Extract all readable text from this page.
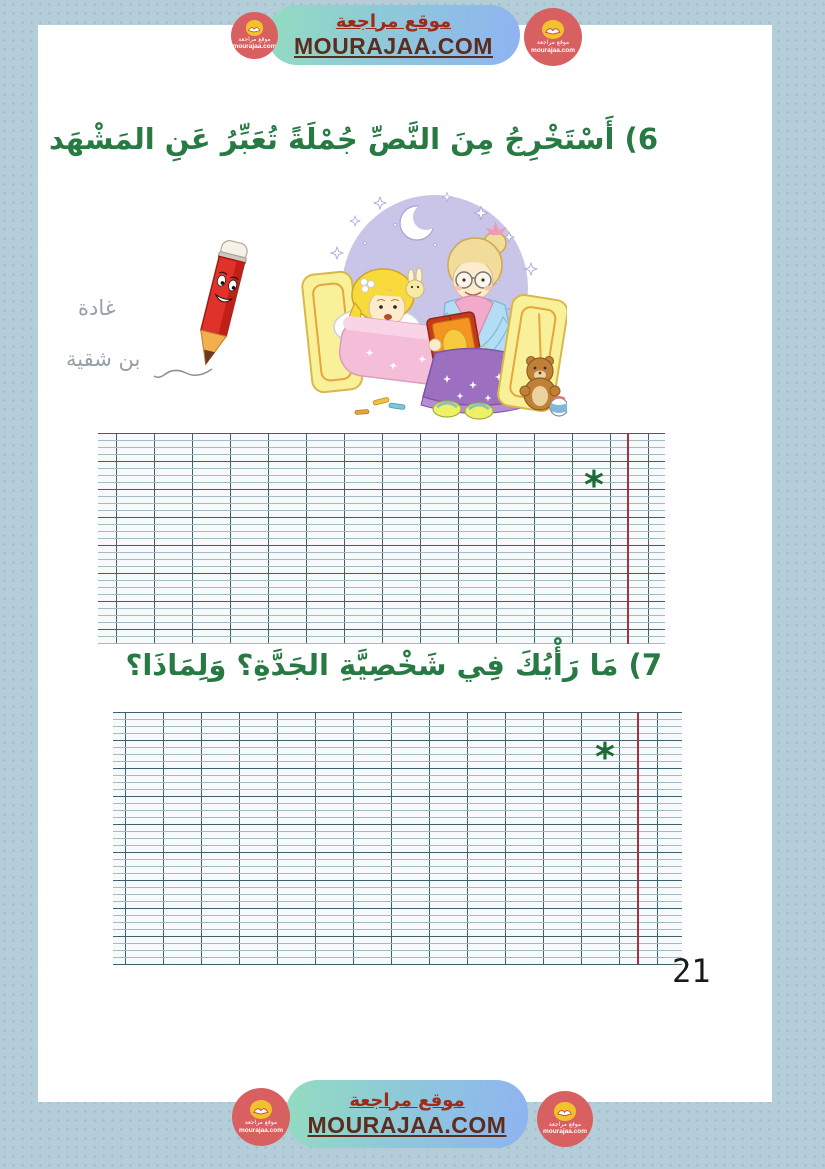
موقع مراجعة
MOURAJAA.COM
موقع مراجعة
mourajaa.com
موقع مراجعة
mourajaa.com
6) أَسْتَخْرِجُ مِنَ النَّصِّ جُمْلَةً تُعَبِّرُ عَنِ المَشْهَد
غادة
بن شقية
*
7) مَا رَأْيُكَ فِي شَخْصِيَّةِ الجَدَّةِ؟ وَلِمَاذَا؟
*
21
موقع مراجعة
MOURAJAA.COM
موقع مراجعة
mourajaa.com
موقع مراجعة
mourajaa.com
